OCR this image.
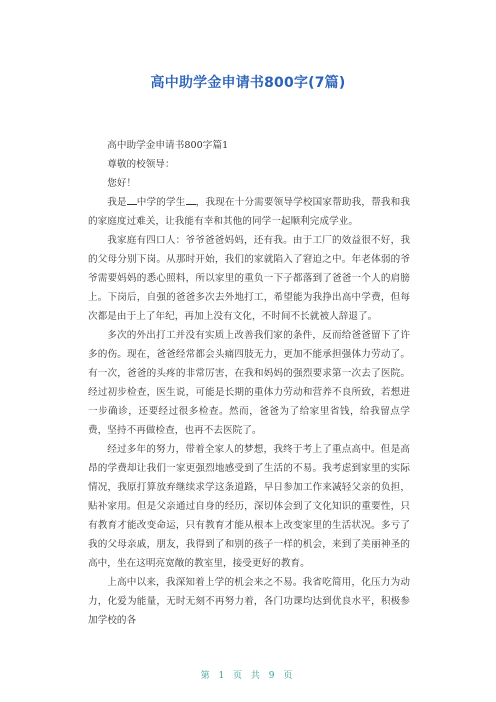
高中助学金申请书800字(7篇)

高中助学金申请书800字篇1

尊敬的校领导：

您好！

我是 中学的学生 ，我现在十分需要领导学校国家帮助我，帮我和我的家庭度过难关，让我能有幸和其他的同学一起顺利完成学业。

我家庭有四口人：爷爷爸爸妈妈，还有我。由于工厂的效益很不好，我的父母分别下岗。从那时开始，我们的家就陷入了窘迫之中。年老体弱的爷爷需要妈妈的悉心照料，所以家里的重负一下子都落到了爸爸一个人的肩膀上。下岗后，自强的爸爸多次去外地打工，希望能为我挣出高中学费，但每次都是由于上了年纪，再加上没有文化，不时间不长就被人辞退了。

多次的外出打工并没有实质上改善我们家的条件，反而给爸爸留下了许多的伤。现在，爸爸经常都会头痛四肢无力，更加不能承担强体力劳动了。有一次，爸爸的头疼的非常厉害，在我和妈妈的强烈要求第一次去了医院。经过初步检查，医生说，可能是长期的重体力劳动和营养不良所致，若想进一步确诊，还要经过很多检查。然而，爸爸为了给家里省钱，给我留点学费，坚持不再做检查，也再不去医院了。

经过多年的努力，带着全家人的梦想，我终于考上了重点高中。但是高昂的学费却让我们一家更强烈地感受到了生活的不易。我考虑到家里的实际情况，我原打算放弃继续求学这条道路，早日参加工作来减轻父亲的负担，贴补家用。但是父亲通过自身的经历，深切体会到了文化知识的重要性，只有教育才能改变命运，只有教育才能从根本上改变家里的生活状况。多亏了我的父母亲戚，朋友，我得到了和别的孩子一样的机会，来到了美丽神圣的高中，坐在这明亮宽敞的教室里，接受更好的教育。

上高中以来，我深知着上学的机会来之不易。我省吃简用，化压力为动力，化爱为能量，无时无刻不再努力着，各门功课均达到优良水平，积极参加学校的各

第 1 页 共 9 页
